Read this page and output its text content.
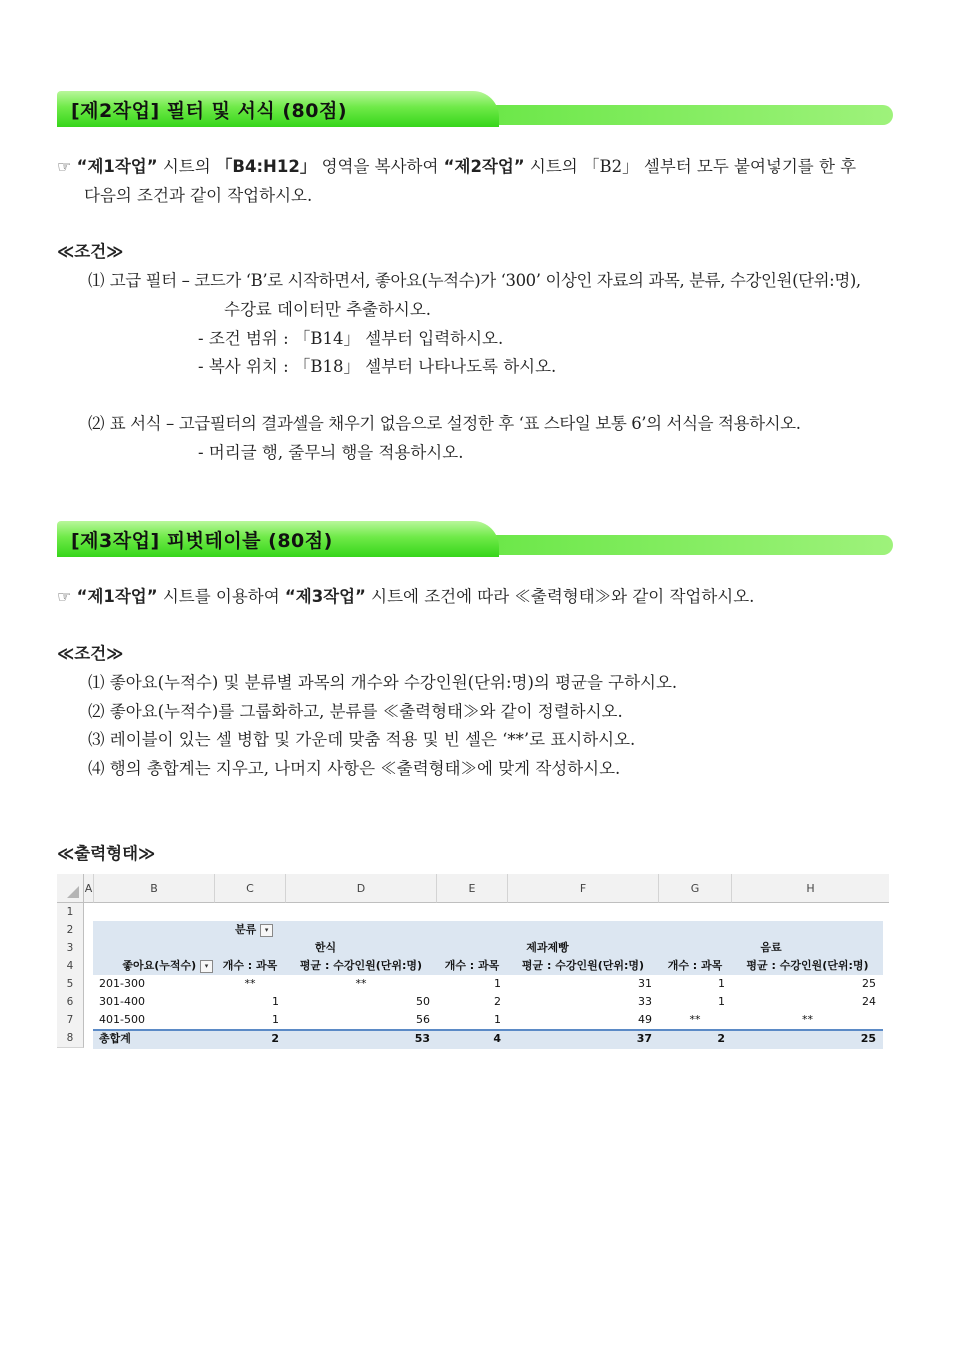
[제2작업] 필터 및 서식 (80점)
☞ “제1작업” 시트의 「B4:H12」 영역을 복사하여 “제2작업” 시트의 「B2」 셀부터 모두 붙여넣기를 한 후
다음의 조건과 같이 작업하시오.
≪조건≫
⑴ 고급 필터 – 코드가 ‘B’로 시작하면서, 좋아요(누적수)가 ‘300’ 이상인 자료의 과목, 분류, 수강인원(단위:명),
수강료 데이터만 추출하시오.
- 조건 범위 : 「B14」 셀부터 입력하시오.
- 복사 위치 : 「B18」 셀부터 나타나도록 하시오.
⑵ 표 서식 – 고급필터의 결과셀을 채우기 없음으로 설정한 후 ‘표 스타일 보통 6’의 서식을 적용하시오.
- 머리글 행, 줄무늬 행을 적용하시오.
[제3작업] 피벗테이블 (80점)
☞ “제1작업” 시트를 이용하여 “제3작업” 시트에 조건에 따라 ≪출력형태≫와 같이 작업하시오.
≪조건≫
⑴ 좋아요(누적수) 및 분류별 과목의 개수와 수강인원(단위:명)의 평균을 구하시오.
⑵ 좋아요(누적수)를 그룹화하고, 분류를 ≪출력형태≫와 같이 정렬하시오.
⑶ 레이블이 있는 셀 병합 및 가운데 맞춤 적용 및 빈 셀은 ‘**’로 표시하시오.
⑷ 행의 총합계는 지우고, 나머지 사항은 ≪출력형태≫에 맞게 작성하시오.
≪출력형태≫
A	B	C	D	E	F	G	H
1
2
3
4
5
6
7
8
분류 ▾
한식	제과제빵	음료
좋아요(누적수) ▾	개수 : 과목	평균 : 수강인원(단위:명)	개수 : 과목	평균 : 수강인원(단위:명)	개수 : 과목	평균 : 수강인원(단위:명)
201-300	**	**	1	31	1	25
301-400	1	50	2	33	1	24
401-500	1	56	1	49	**	**
총합계	2	53	4	37	2	25
